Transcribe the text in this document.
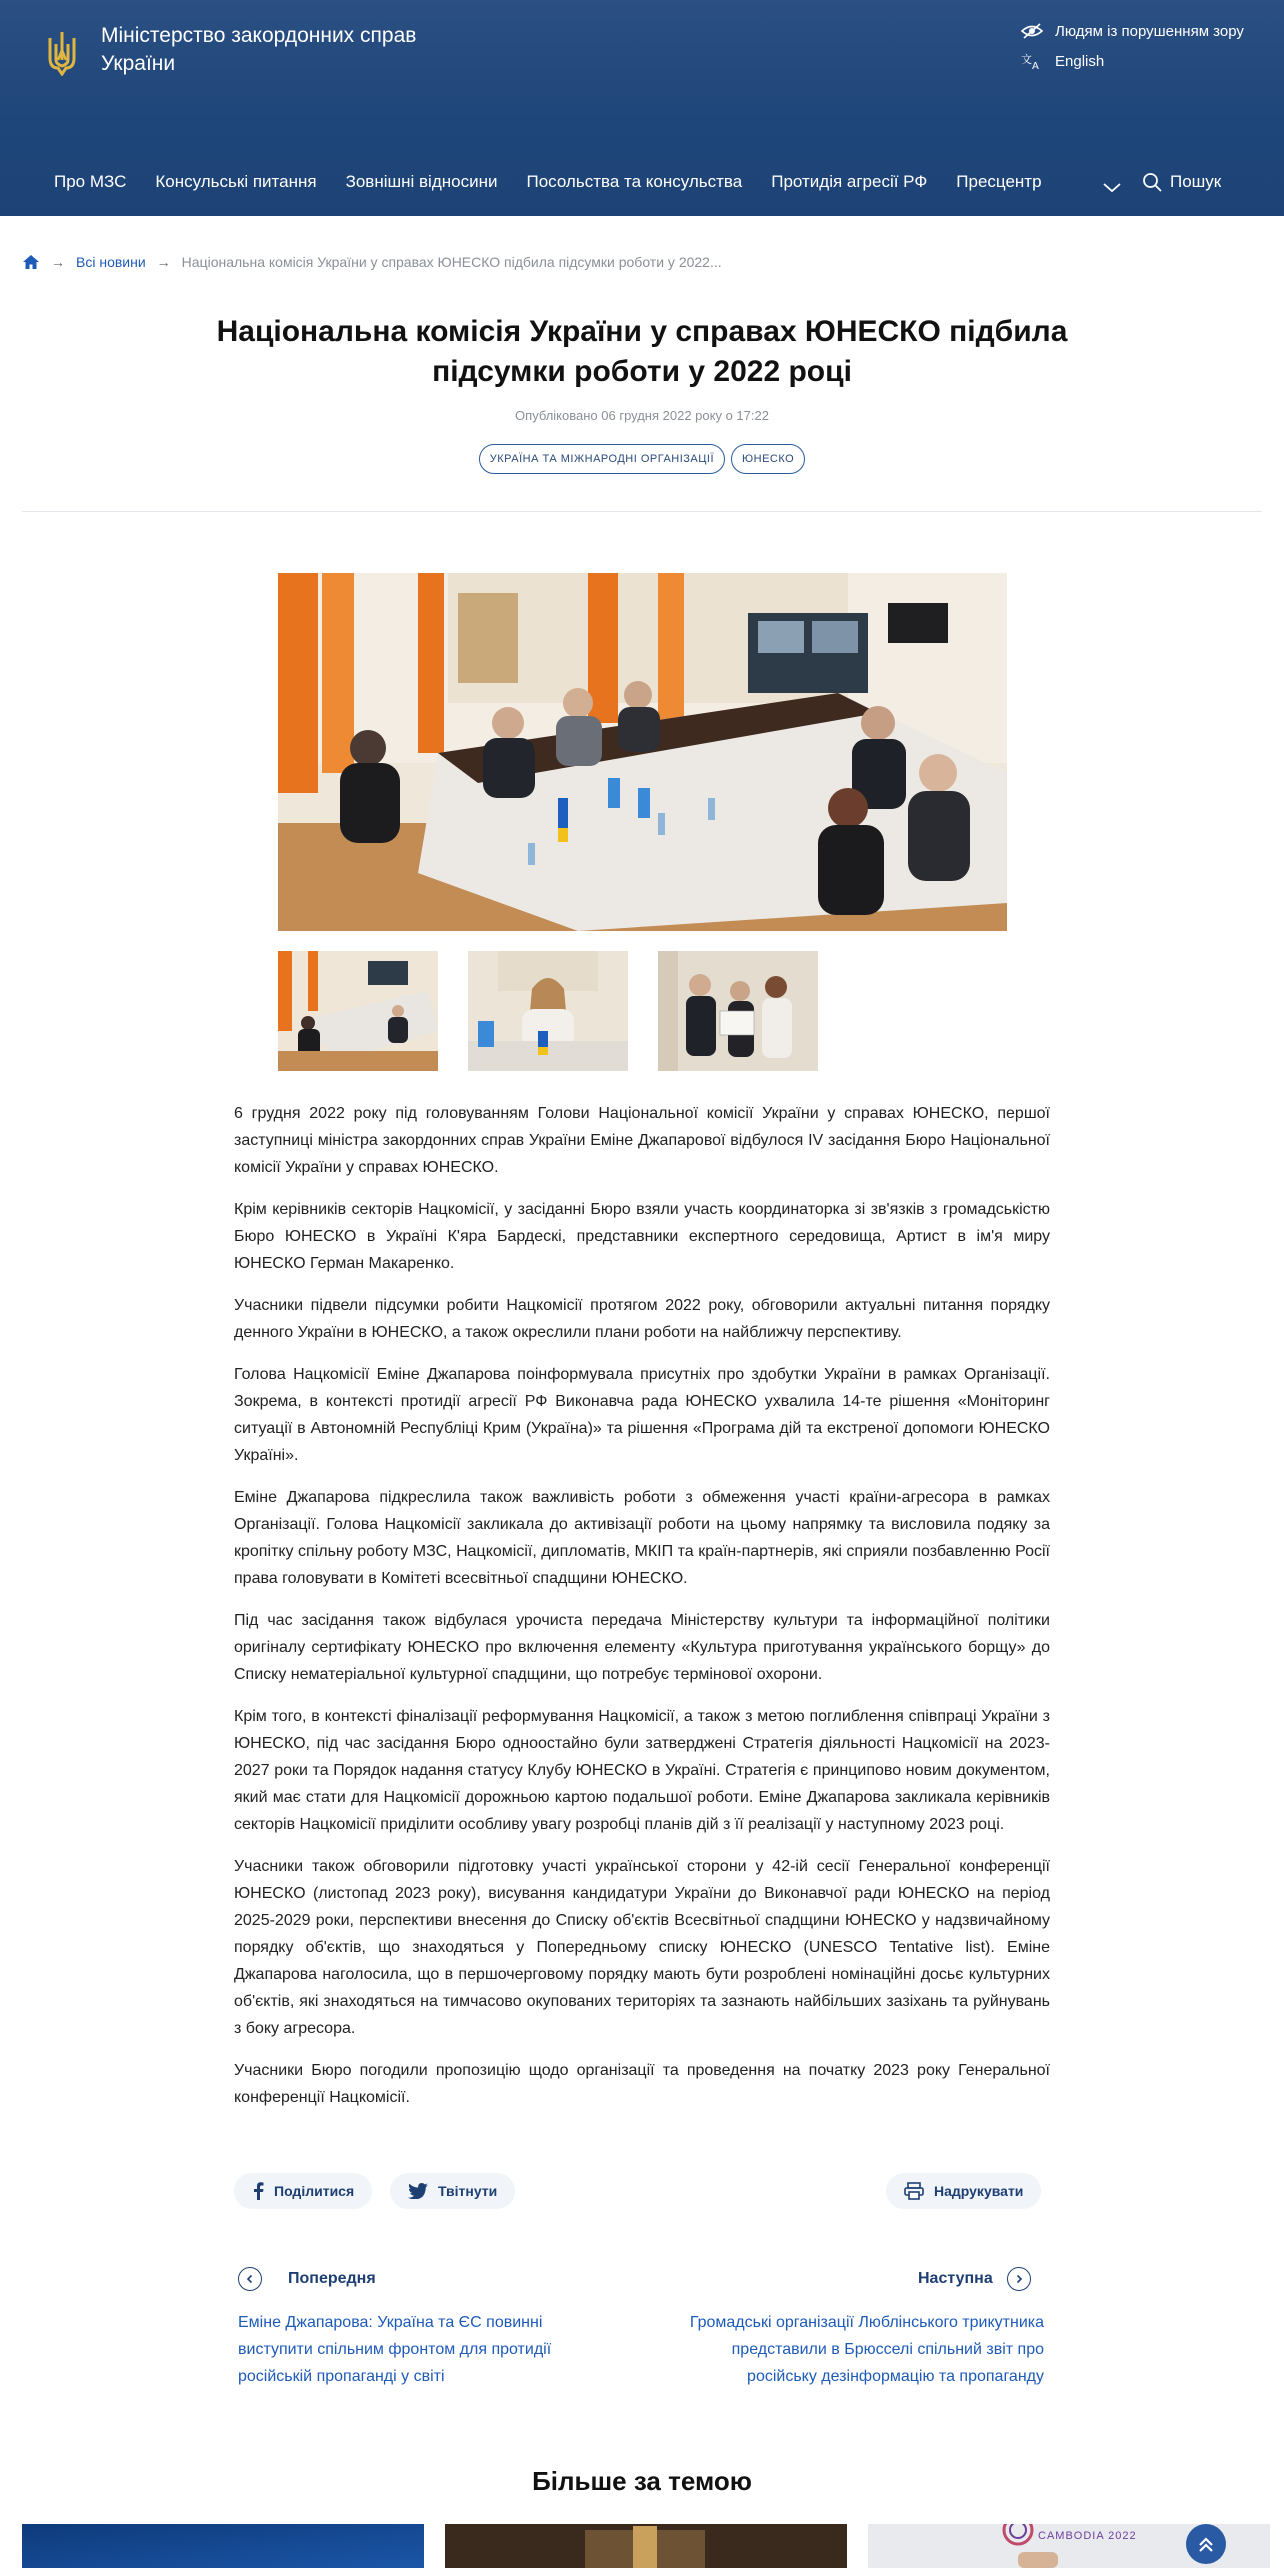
Міністерство закордонних справ України
Людям із порушенням зору
文
A English
Про МЗС Консульські питання Зовнішні відносини Посольства та консульства Протидія агресії РФ Пресцентр	Пошук
→ Всі новини → Національна комісія України у справах ЮНЕСКО підбила підсумки роботи у 2022...
Національна комісія України у справах ЮНЕСКО підбила підсумки роботи у 2022 році
Опубліковано 06 грудня 2022 року о 17:22
УКРАЇНА ТА МІЖНАРОДНІ ОРГАНІЗАЦІЇ	ЮНЕСКО

6 грудня 2022 року під головуванням Голови Національної комісії України у справах ЮНЕСКО, першої заступниці міністра закордонних справ України Еміне Джапарової відбулося IV засідання Бюро Національної комісії України у справах ЮНЕСКО.

Крім керівників секторів Нацкомісії, у засіданні Бюро взяли участь координаторка зі зв'язків з громадськістю Бюро ЮНЕСКО в Україні К'яра Бардескі, представники експертного середовища, Артист в ім'я миру ЮНЕСКО Герман Макаренко.

Учасники підвели підсумки робити Нацкомісії протягом 2022 року, обговорили актуальні питання порядку денного України в ЮНЕСКО, а також окреслили плани роботи на найближчу перспективу.

Голова Нацкомісії Еміне Джапарова поінформувала присутніх про здобутки України в рамках Організації. Зокрема, в контексті протидії агресії РФ Виконавча рада ЮНЕСКО ухвалила 14-те рішення «Моніторинг ситуації в Автономній Республіці Крим (Україна)» та рішення «Програма дій та екстреної допомоги ЮНЕСКО Україні».

Еміне Джапарова підкреслила також важливість роботи з обмеження участі країни-агресора в рамках Організації. Голова Нацкомісії закликала до активізації роботи на цьому напрямку та висловила подяку за кропітку спільну роботу МЗС, Нацкомісії, дипломатів, МКІП та країн-партнерів, які сприяли позбавленню Росії права головувати в Комітеті всесвітньої спадщини ЮНЕСКО.

Під час засідання також відбулася урочиста передача Міністерству культури та інформаційної політики оригіналу сертифікату ЮНЕСКО про включення елементу «Культура приготування українського борщу» до Списку нематеріальної культурної спадщини, що потребує термінової охорони.

Крім того, в контексті фіналізації реформування Нацкомісії, а також з метою поглиблення співпраці України з ЮНЕСКО, під час засідання Бюро одноостайно були затверджені Стратегія діяльності Нацкомісії на 2023-2027 роки та Порядок надання статусу Клубу ЮНЕСКО в Україні. Стратегія є принципово новим документом, який має стати для Нацкомісії дорожньою картою подальшої роботи. Еміне Джапарова закликала керівників секторів Нацкомісії приділити особливу увагу розробці планів дій з її реалізації у наступному 2023 році.

Учасники також обговорили підготовку участі української сторони у 42-ій сесії Генеральної конференції ЮНЕСКО (листопад 2023 року), висування кандидатури України до Виконавчої ради ЮНЕСКО на період 2025-2029 роки, перспективи внесення до Списку об'єктів Всесвітньої спадщини ЮНЕСКО у надзвичайному порядку об'єктів, що знаходяться у Попередньому списку ЮНЕСКО (UNESCO Tentative list). Еміне Джапарова наголосила, що в першочерговому порядку мають бути розроблені номінаційні досьє культурних об'єктів, які знаходяться на тимчасово окупованих територіях та зазнають найбільших зазіхань та руйнувань з боку агресора.

Учасники Бюро погодили пропозицію щодо організації та проведення на початку 2023 року Генеральної конференції Нацкомісії.

Поділитися	Твітнути	Надрукувати
Попередня
Еміне Джапарова: Україна та ЄС повинні виступити спільним фронтом для протидії російській пропаганді у світі
Наступна
Громадські організації Люблінського трикутника представили в Брюсселі спільний звіт про російську дезінформацію та пропаганду
Більше за темою
CAMBODIA 2022
